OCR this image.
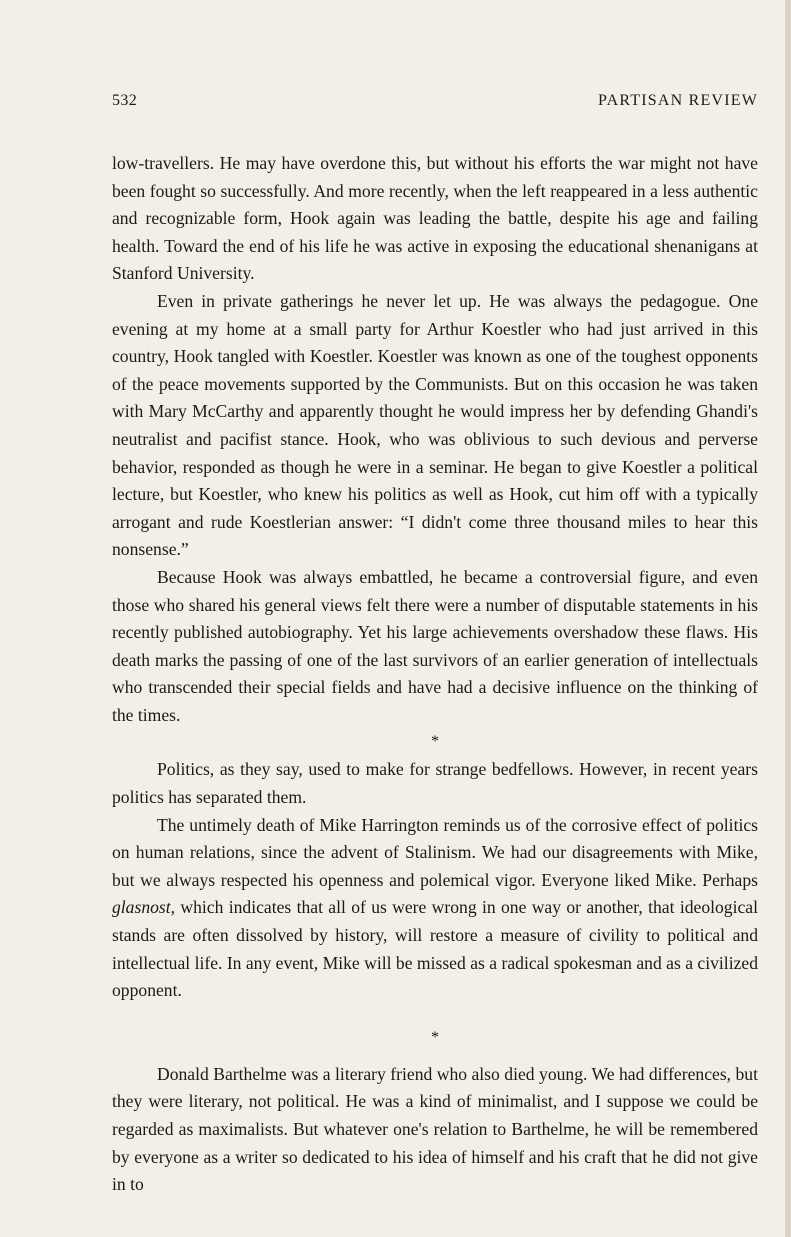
532	PARTISAN REVIEW

low-travellers. He may have overdone this, but without his efforts the war might not have been fought so successfully. And more recently, when the left reappeared in a less authentic and recognizable form, Hook again was leading the battle, despite his age and failing health. Toward the end of his life he was active in exposing the educational shenanigans at Stanford University.

Even in private gatherings he never let up. He was always the pedagogue. One evening at my home at a small party for Arthur Koestler who had just arrived in this country, Hook tangled with Koestler. Koestler was known as one of the toughest opponents of the peace movements supported by the Communists. But on this occasion he was taken with Mary McCarthy and apparently thought he would impress her by defending Ghandi's neutralist and pacifist stance. Hook, who was oblivious to such devious and perverse behavior, responded as though he were in a seminar. He began to give Koestler a political lecture, but Koestler, who knew his politics as well as Hook, cut him off with a typically arrogant and rude Koestlerian answer: “I didn't come three thousand miles to hear this nonsense.”

Because Hook was always embattled, he became a controversial figure, and even those who shared his general views felt there were a number of disputable statements in his recently published autobiography. Yet his large achievements overshadow these flaws. His death marks the passing of one of the last survivors of an earlier generation of intellectuals who transcended their special fields and have had a decisive influence on the thinking of the times.

*

Politics, as they say, used to make for strange bedfellows. However, in recent years politics has separated them.

The untimely death of Mike Harrington reminds us of the corrosive effect of politics on human relations, since the advent of Stalinism. We had our disagreements with Mike, but we always respected his openness and polemical vigor. Everyone liked Mike. Perhaps glasnost, which indicates that all of us were wrong in one way or another, that ideological stands are often dissolved by history, will restore a measure of civility to political and intellectual life. In any event, Mike will be missed as a radical spokesman and as a civilized opponent.

*

Donald Barthelme was a literary friend who also died young. We had differences, but they were literary, not political. He was a kind of minimalist, and I suppose we could be regarded as maximalists. But whatever one's relation to Barthelme, he will be remembered by everyone as a writer so dedicated to his idea of himself and his craft that he did not give in to
